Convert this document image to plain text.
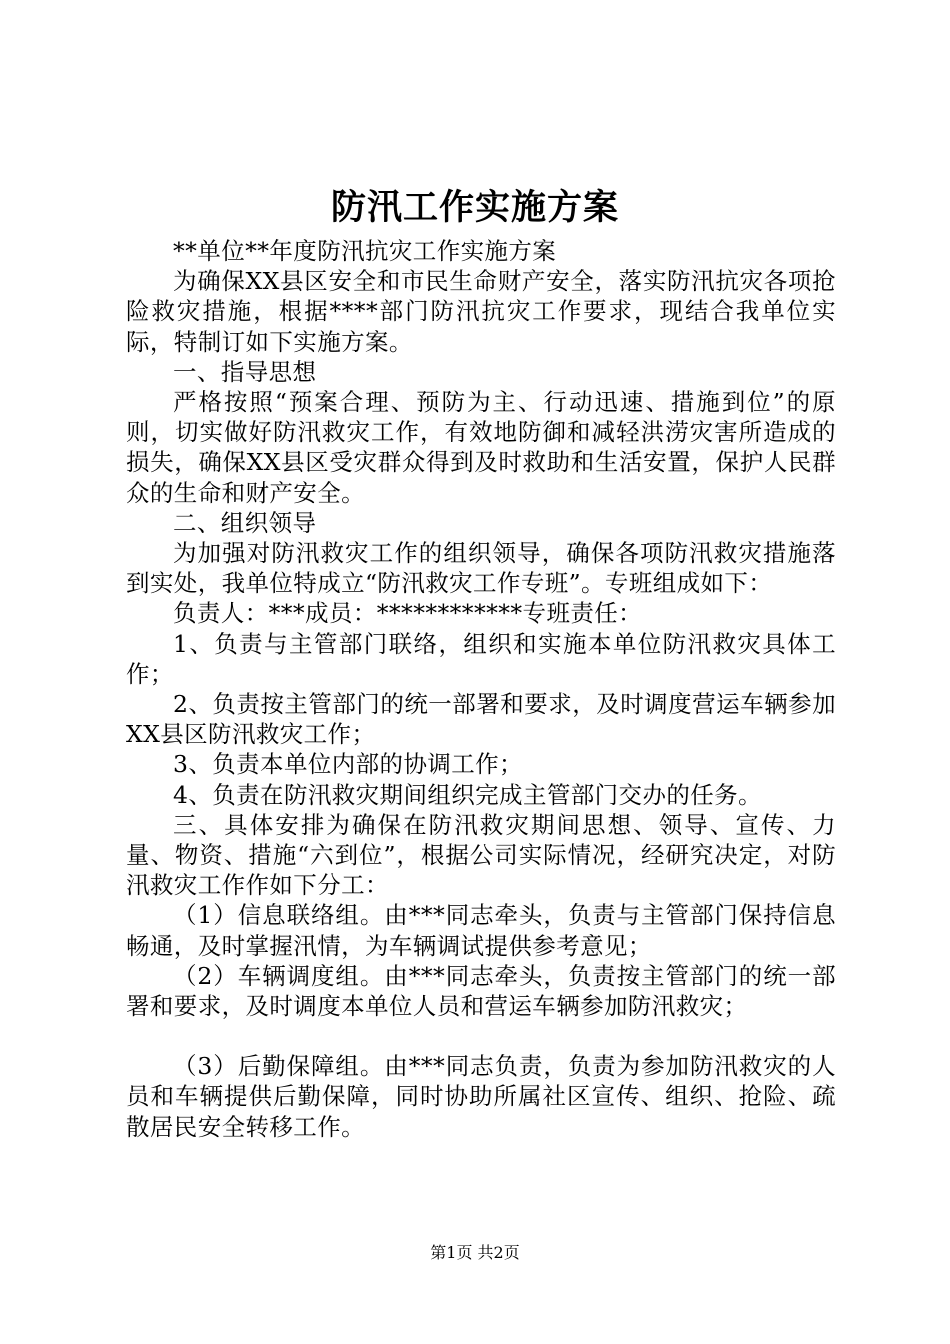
防汛工作实施方案

**单位**年度防汛抗灾工作实施方案

为确保XX县区安全和市民生命财产安全，落实防汛抗灾各项抢险救灾措施，根据****部门防汛抗灾工作要求，现结合我单位实际，特制订如下实施方案。

一、指导思想

严格按照“预案合理、预防为主、行动迅速、措施到位”的原则，切实做好防汛救灾工作，有效地防御和减轻洪涝灾害所造成的损失，确保XX县区受灾群众得到及时救助和生活安置，保护人民群众的生命和财产安全。

二、组织领导

为加强对防汛救灾工作的组织领导，确保各项防汛救灾措施落到实处，我单位特成立“防汛救灾工作专班”。专班组成如下：

负责人：***成员：************专班责任：

1、负责与主管部门联络，组织和实施本单位防汛救灾具体工作；

2、负责按主管部门的统一部署和要求，及时调度营运车辆参加XX县区防汛救灾工作；

3、负责本单位内部的协调工作；

4、负责在防汛救灾期间组织完成主管部门交办的任务。

三、具体安排为确保在防汛救灾期间思想、领导、宣传、力量、物资、措施“六到位”，根据公司实际情况，经研究决定，对防汛救灾工作作如下分工：

（1）信息联络组。由***同志牵头，负责与主管部门保持信息畅通，及时掌握汛情，为车辆调试提供参考意见；

（2）车辆调度组。由***同志牵头，负责按主管部门的统一部署和要求，及时调度本单位人员和营运车辆参加防汛救灾；

（3）后勤保障组。由***同志负责，负责为参加防汛救灾的人员和车辆提供后勤保障，同时协助所属社区宣传、组织、抢险、疏散居民安全转移工作。

第1页 共2页
